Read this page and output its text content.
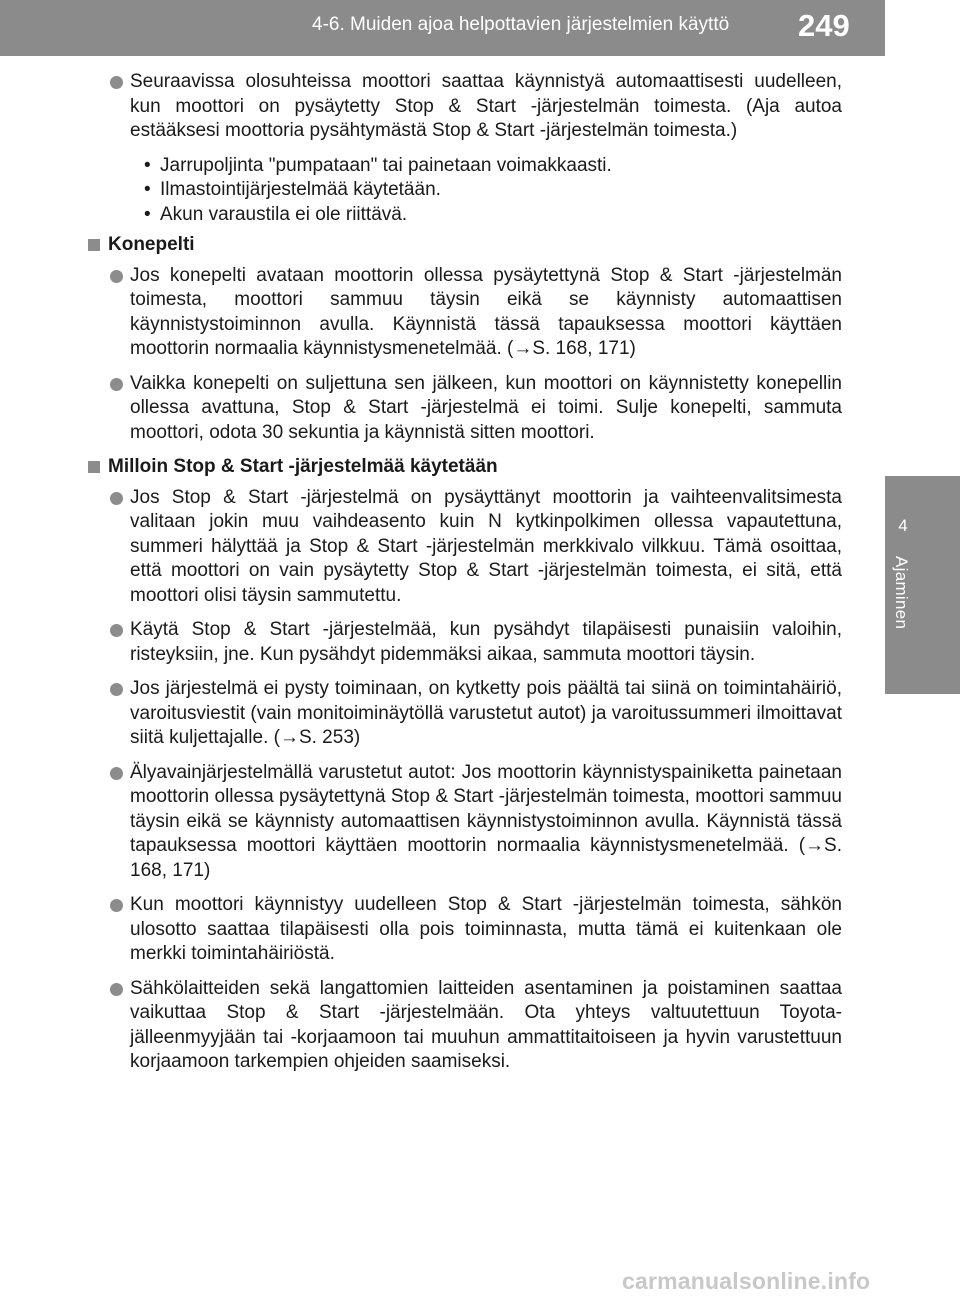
4-6. Muiden ajoa helpottavien järjestelmien käyttö 249
4
Ajaminen
Seuraavissa olosuhteissa moottori saattaa käynnistyä automaattisesti uudelleen, kun moottori on pysäytetty Stop & Start -järjestelmän toimesta. (Aja autoa estääksesi moottoria pysähtymästä Stop & Start -järjestelmän toimesta.)
• Jarrupoljinta "pumpataan" tai painetaan voimakkaasti.
• Ilmastointijärjestelmää käytetään.
• Akun varaustila ei ole riittävä.
Konepelti
Jos konepelti avataan moottorin ollessa pysäytettynä Stop & Start -järjestelmän toimesta, moottori sammuu täysin eikä se käynnisty automaattisen käynnistystoiminnon avulla. Käynnistä tässä tapauksessa moottori käyttäen moottorin normaalia käynnistysmenetelmää. (→S. 168, 171)
Vaikka konepelti on suljettuna sen jälkeen, kun moottori on käynnistetty konepellin ollessa avattuna, Stop & Start -järjestelmä ei toimi. Sulje konepelti, sammuta moottori, odota 30 sekuntia ja käynnistä sitten moottori.
Milloin Stop & Start -järjestelmää käytetään
Jos Stop & Start -järjestelmä on pysäyttänyt moottorin ja vaihteenvalitsimesta valitaan jokin muu vaihdeasento kuin N kytkinpolkimen ollessa vapautettuna, summeri hälyttää ja Stop & Start -järjestelmän merkkivalo vilkkuu. Tämä osoittaa, että moottori on vain pysäytetty Stop & Start -järjestelmän toimesta, ei sitä, että moottori olisi täysin sammutettu.
Käytä Stop & Start -järjestelmää, kun pysähdyt tilapäisesti punaisiin valoihin, risteyksiin, jne. Kun pysähdyt pidemmäksi aikaa, sammuta moottori täysin.
Jos järjestelmä ei pysty toiminaan, on kytketty pois päältä tai siinä on toimintahäiriö, varoitusviestit (vain monitoiminäytöllä varustetut autot) ja varoitussummeri ilmoittavat siitä kuljettajalle. (→S. 253)
Älyavainjärjestelmällä varustetut autot: Jos moottorin käynnistyspainiketta painetaan moottorin ollessa pysäytettynä Stop & Start -järjestelmän toimesta, moottori sammuu täysin eikä se käynnisty automaattisen käynnistystoiminnon avulla. Käynnistä tässä tapauksessa moottori käyttäen moottorin normaalia käynnistysmenetelmää. (→S. 168, 171)
Kun moottori käynnistyy uudelleen Stop & Start -järjestelmän toimesta, sähkön ulosotto saattaa tilapäisesti olla pois toiminnasta, mutta tämä ei kuitenkaan ole merkki toimintahäiriöstä.
Sähkölaitteiden sekä langattomien laitteiden asentaminen ja poistaminen saattaa vaikuttaa Stop & Start -järjestelmään. Ota yhteys valtuutettuun Toyota-jälleenmyyjään tai -korjaamoon tai muuhun ammattitaitoiseen ja hyvin varustettuun korjaamoon tarkempien ohjeiden saamiseksi.
carmanualsonline.info
